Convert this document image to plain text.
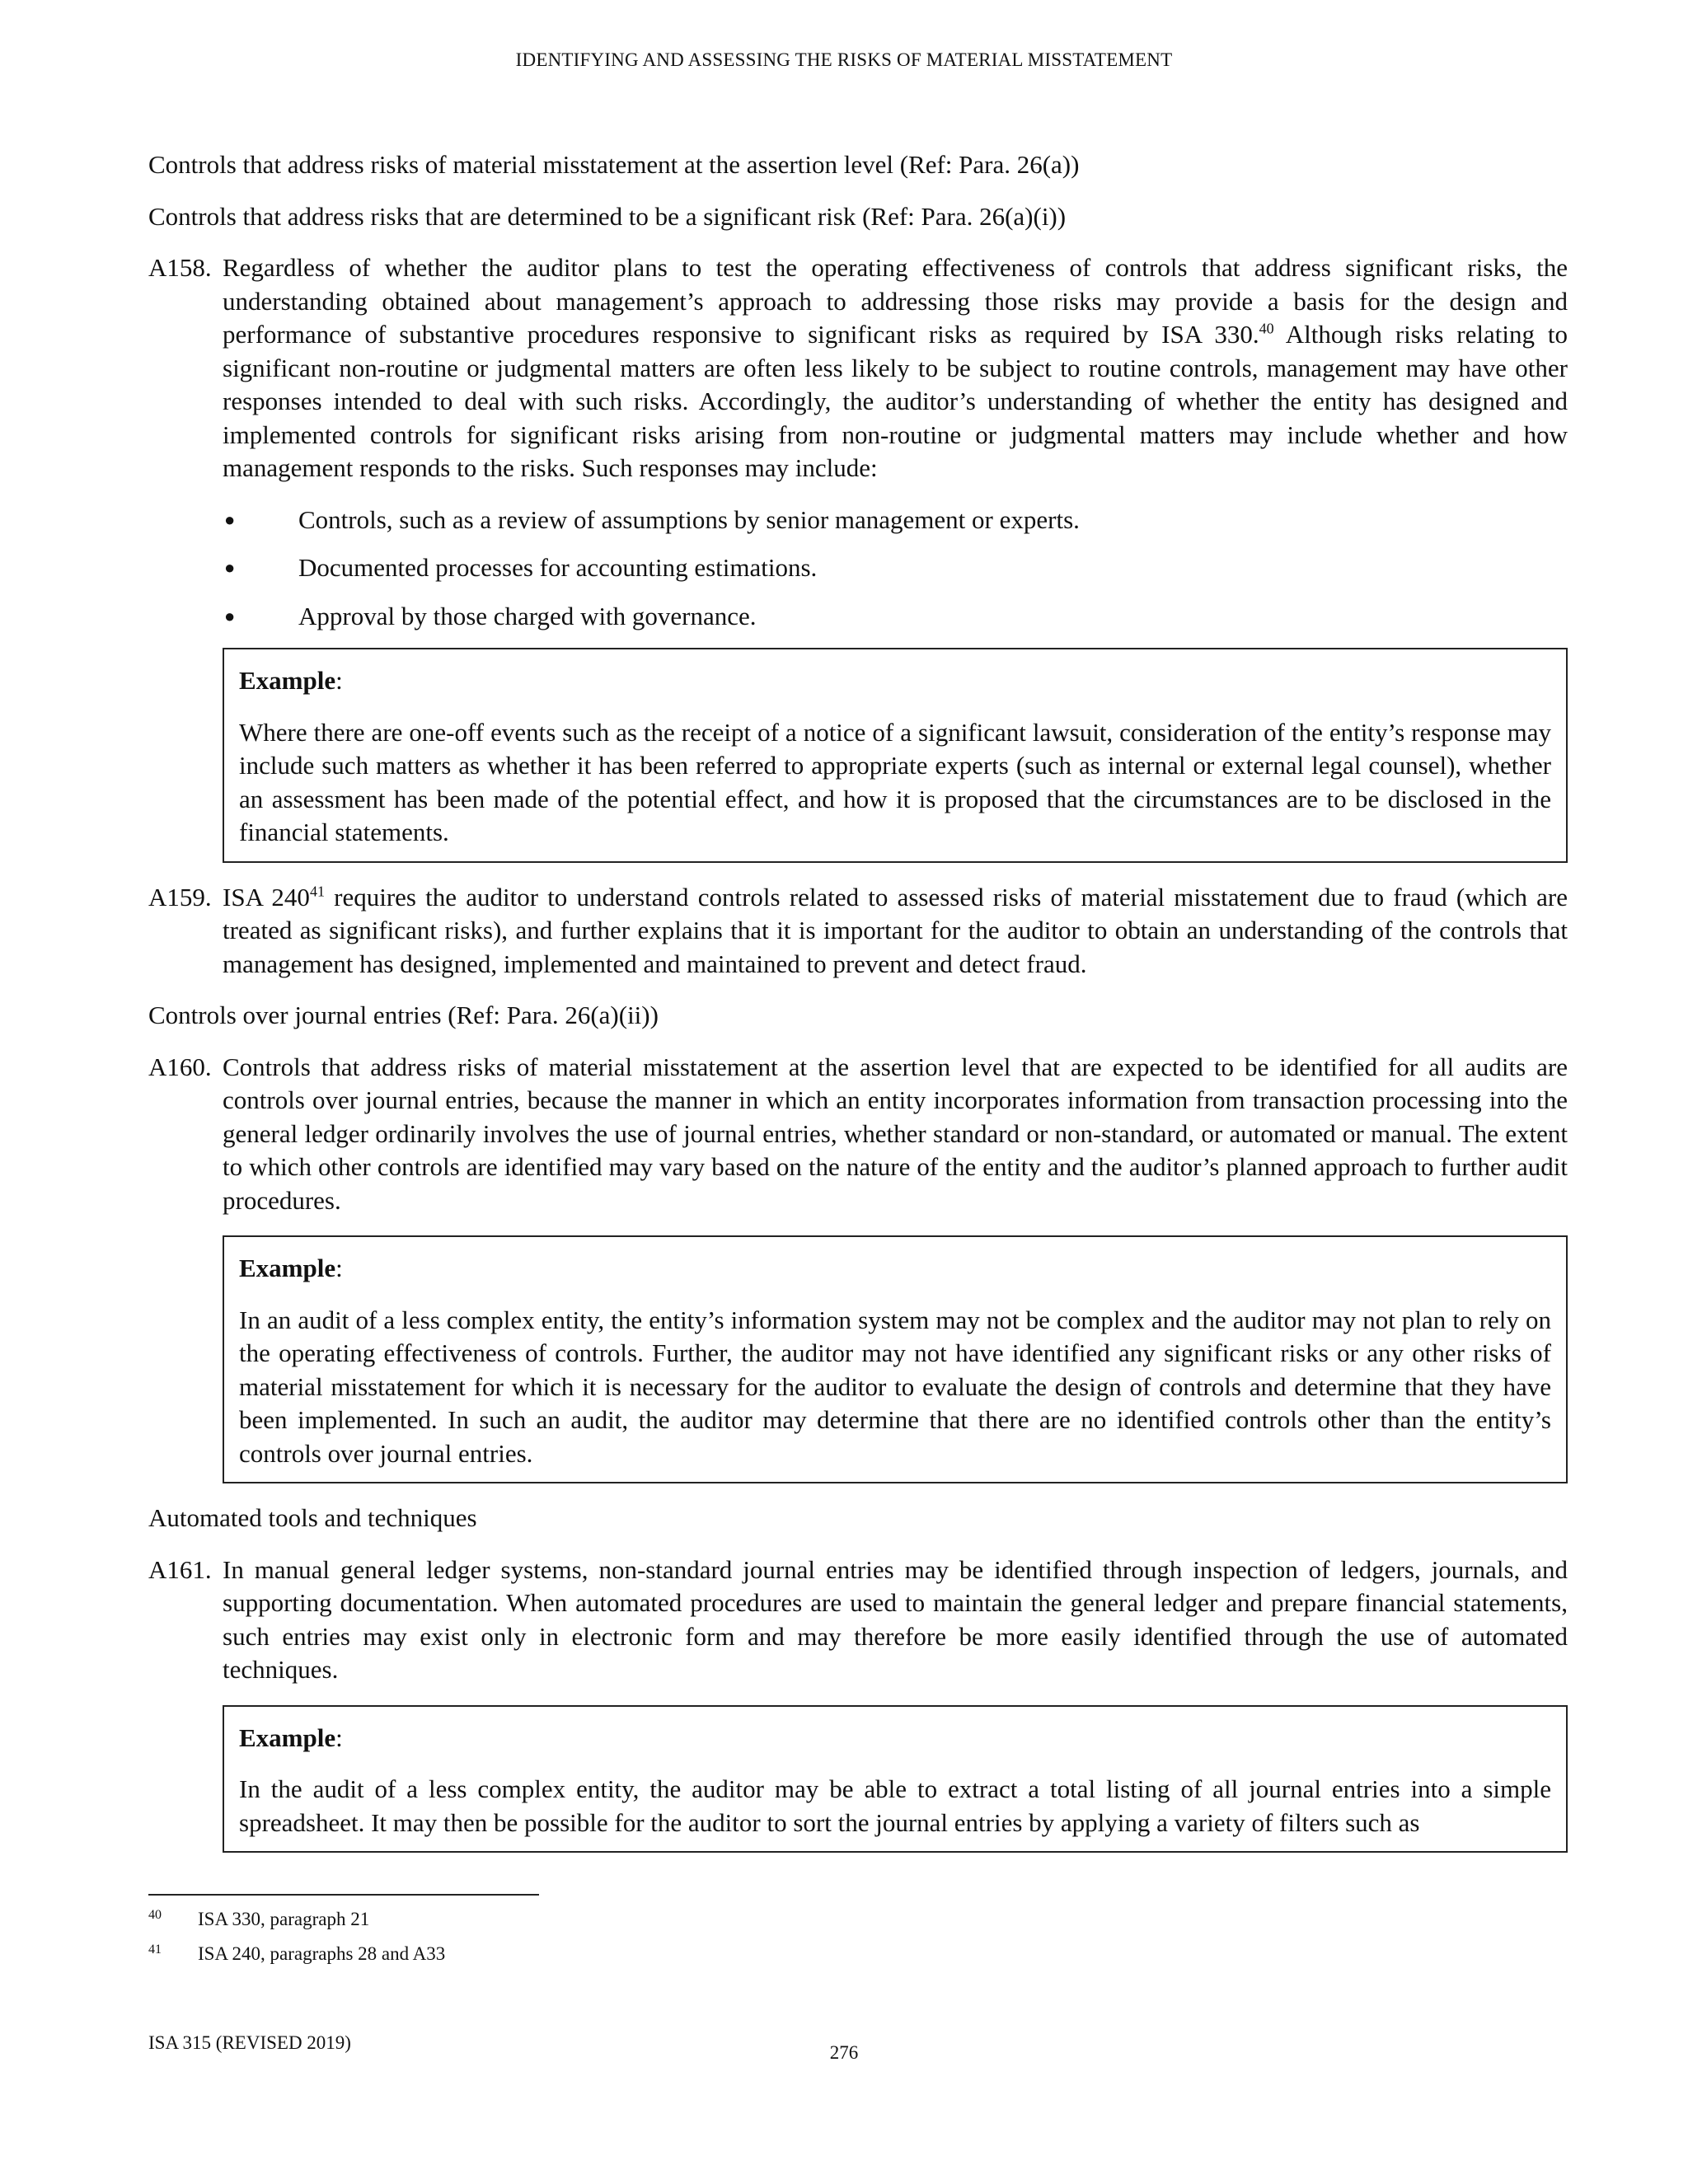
IDENTIFYING AND ASSESSING THE RISKS OF MATERIAL MISSTATEMENT

Controls that address risks of material misstatement at the assertion level (Ref: Para. 26(a))

Controls that address risks that are determined to be a significant risk (Ref: Para. 26(a)(i))

A158. Regardless of whether the auditor plans to test the operating effectiveness of controls that address significant risks, the understanding obtained about management’s approach to addressing those risks may provide a basis for the design and performance of substantive procedures responsive to significant risks as required by ISA 330.40 Although risks relating to significant non-routine or judgmental matters are often less likely to be subject to routine controls, management may have other responses intended to deal with such risks. Accordingly, the auditor’s understanding of whether the entity has designed and implemented controls for significant risks arising from non-routine or judgmental matters may include whether and how management responds to the risks. Such responses may include:
●	Controls, such as a review of assumptions by senior management or experts.
●	Documented processes for accounting estimations.
●	Approval by those charged with governance.

Example:

Where there are one-off events such as the receipt of a notice of a significant lawsuit, consideration of the entity’s response may include such matters as whether it has been referred to appropriate experts (such as internal or external legal counsel), whether an assessment has been made of the potential effect, and how it is proposed that the circumstances are to be disclosed in the financial statements.

A159. ISA $240^{41}$ requires the auditor to understand controls related to assessed risks of material misstatement due to fraud (which are treated as significant risks), and further explains that it is important for the auditor to obtain an understanding of the controls that management has designed, implemented and maintained to prevent and detect fraud.

Controls over journal entries (Ref: Para. 26(a)(ii))

A160. Controls that address risks of material misstatement at the assertion level that are expected to be identified for all audits are controls over journal entries, because the manner in which an entity incorporates information from transaction processing into the general ledger ordinarily involves the use of journal entries, whether standard or non-standard, or automated or manual. The extent to which other controls are identified may vary based on the nature of the entity and the auditor’s planned approach to further audit procedures.

Example:

In an audit of a less complex entity, the entity’s information system may not be complex and the auditor may not plan to rely on the operating effectiveness of controls. Further, the auditor may not have identified any significant risks or any other risks of material misstatement for which it is necessary for the auditor to evaluate the design of controls and determine that they have been implemented. In such an audit, the auditor may determine that there are no identified controls other than the entity’s controls over journal entries.

Automated tools and techniques

A161. In manual general ledger systems, non-standard journal entries may be identified through inspection of ledgers, journals, and supporting documentation. When automated procedures are used to maintain the general ledger and prepare financial statements, such entries may exist only in electronic form and may therefore be more easily identified through the use of automated techniques.

Example:

In the audit of a less complex entity, the auditor may be able to extract a total listing of all journal entries into a simple spreadsheet. It may then be possible for the auditor to sort the journal entries by applying a variety of filters such as

40	ISA 330, paragraph 21
41	ISA 240, paragraphs 28 and A33
ISA 315 (REVISED 2019)	276
